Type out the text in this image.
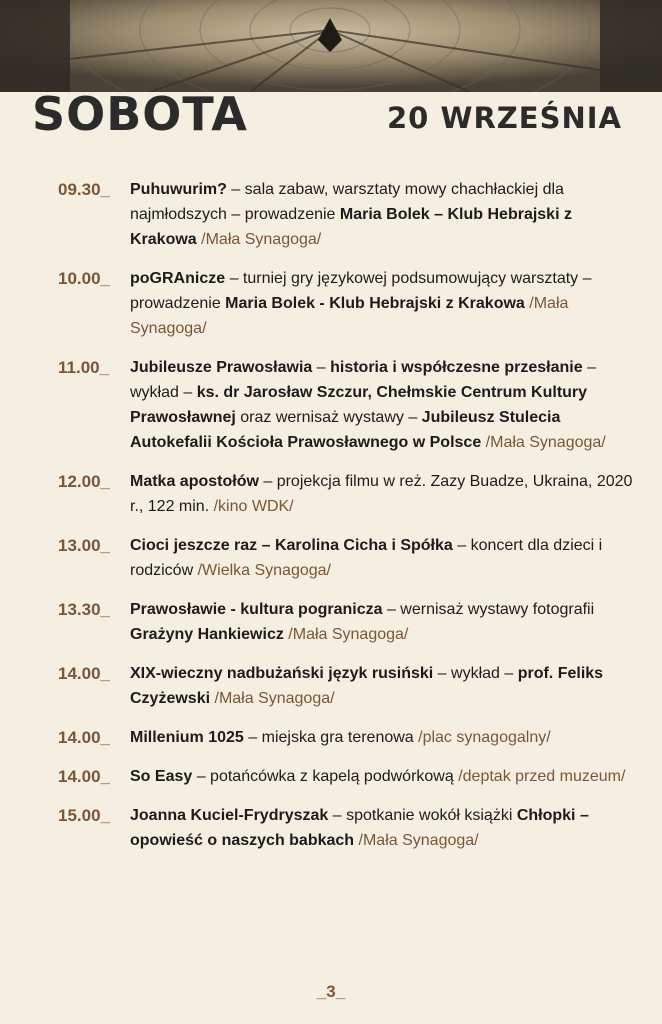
SOBOTA	20 WRZEŚNIA
09.30_	Puhuwurim? – sala zabaw, warsztaty mowy chachłackiej dla najmłodszych – prowadzenie Maria Bolek – Klub Hebrajski z Krakowa /Mała Synagoga/
10.00_	poGRAnicze – turniej gry językowej podsumowujący warsztaty – prowadzenie Maria Bolek - Klub Hebrajski z Krakowa /Mała Synagoga/
11.00_	Jubileusze Prawosławia – historia i współczesne przesłanie – wykład – ks. dr Jarosław Szczur, Chełmskie Centrum Kultury Prawosławnej oraz wernisaż wystawy – Jubileusz Stulecia Autokefalii Kościoła Prawosławnego w Polsce /Mała Synagoga/
12.00_	Matka apostołów – projekcja filmu w reż. Zazy Buadze, Ukraina, 2020 r., 122 min. /kino WDK/
13.00_	Cioci jeszcze raz – Karolina Cicha i Spółka – koncert dla dzieci i rodziców /Wielka Synagoga/
13.30_	Prawosławie - kultura pogranicza – wernisaż wystawy fotografii Grażyny Hankiewicz /Mała Synagoga/
14.00_	XIX-wieczny nadbużański język rusiński – wykład – prof. Feliks Czyżewski /Mała Synagoga/
14.00_	Millenium 1025 – miejska gra terenowa /plac synagogalny/
14.00_	So Easy – potańcówka z kapelą podwórkową /deptak przed muzeum/
15.00_	Joanna Kuciel-Frydryszak – spotkanie wokół książki Chłopki – opowieść o naszych babkach /Mała Synagoga/
_3_
